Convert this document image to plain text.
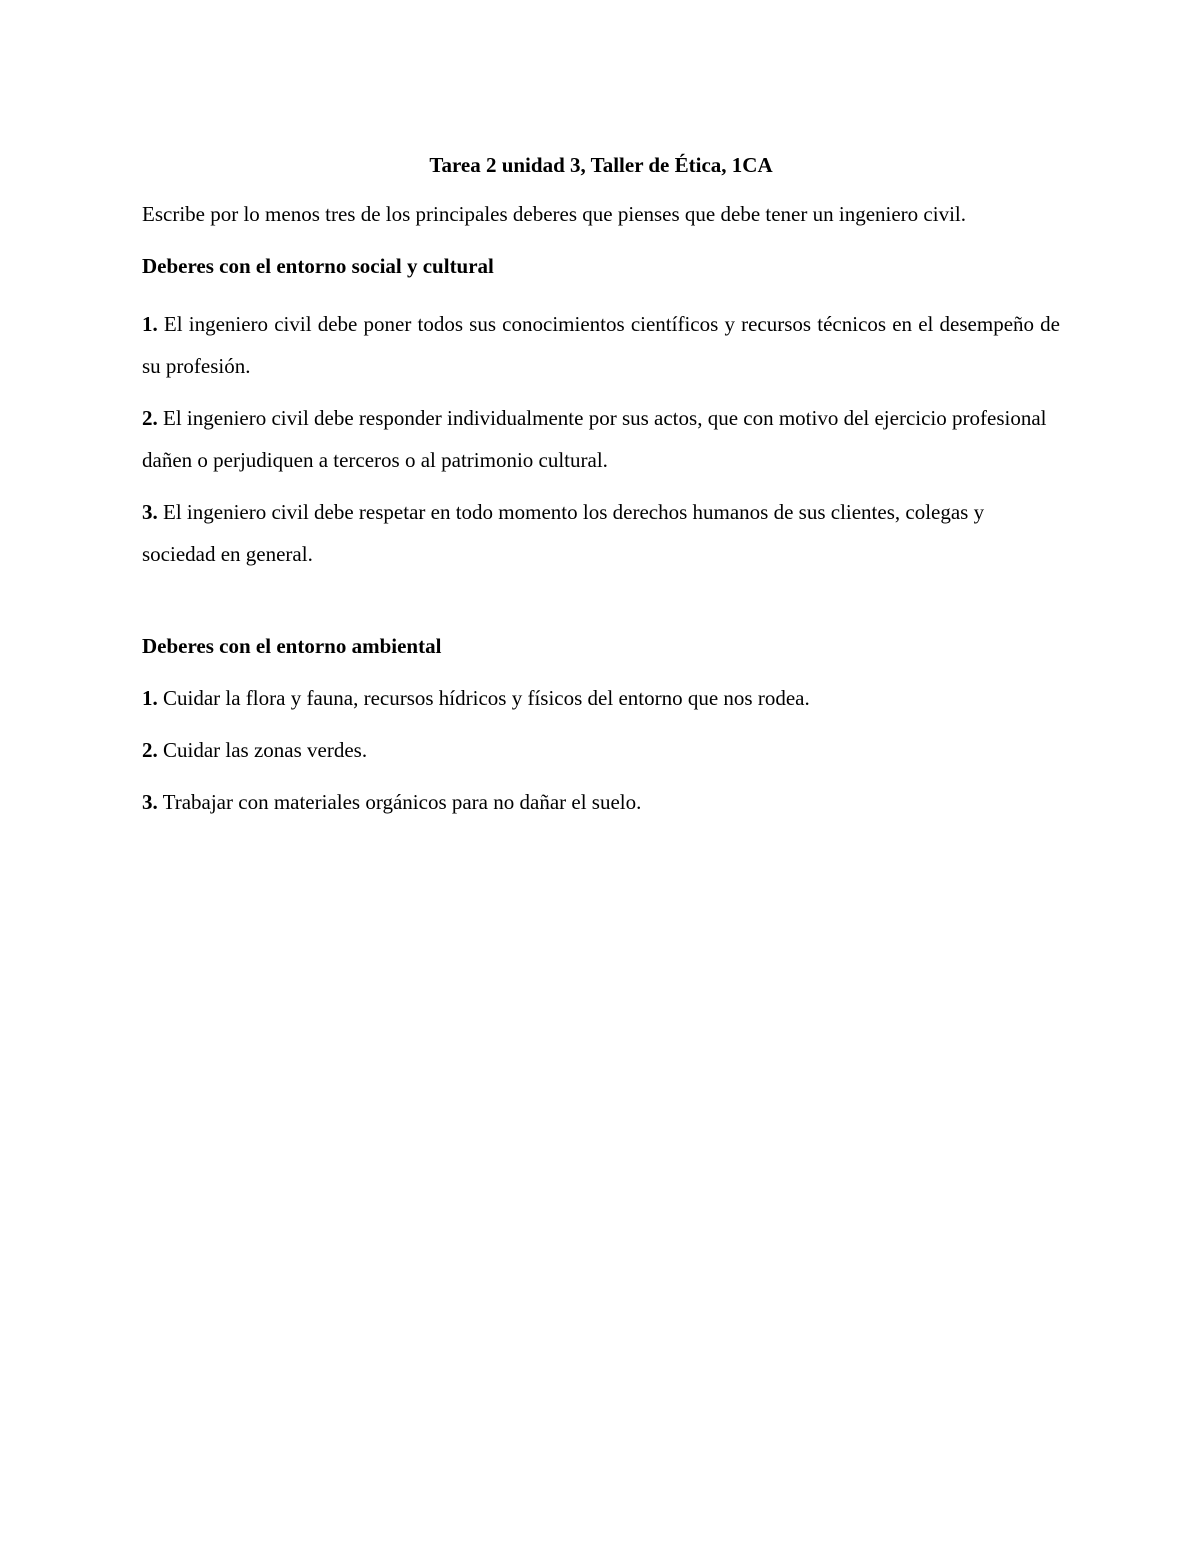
Tarea 2 unidad 3, Taller de Ética, 1CA
Escribe por lo menos tres de los principales deberes que pienses que debe tener un ingeniero civil.
Deberes con el entorno social y cultural
1. El ingeniero civil debe poner todos sus conocimientos científicos y recursos técnicos en el desempeño de su profesión.
2. El ingeniero civil debe responder individualmente por sus actos, que con motivo del ejercicio profesional dañen o perjudiquen a terceros o al patrimonio cultural.
3. El ingeniero civil debe respetar en todo momento los derechos humanos de sus clientes, colegas y sociedad en general.
Deberes con el entorno ambiental
1. Cuidar la flora y fauna, recursos hídricos y físicos del entorno que nos rodea.
2. Cuidar las zonas verdes.
3. Trabajar con materiales orgánicos para no dañar el suelo.
